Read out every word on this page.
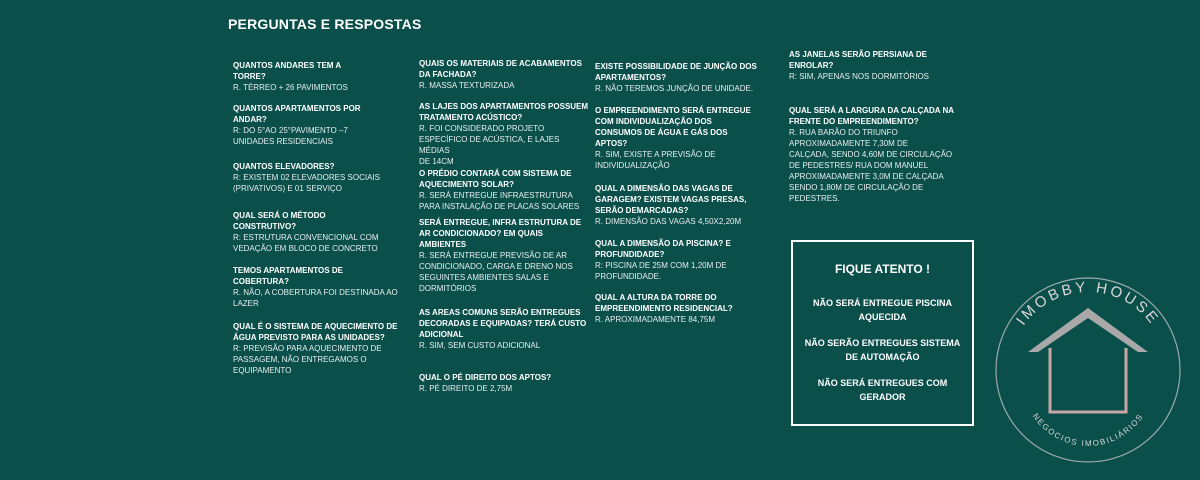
PERGUNTAS E RESPOSTAS
QUANTOS ANDARES TEM A
TORRE?
R. TÉRREO + 26 PAVIMENTOS
QUANTOS APARTAMENTOS POR
ANDAR?
R: DO 5°AO 25°PAVIMENTO –7
UNIDADES RESIDENCIAIS
QUANTOS ELEVADORES?
R: EXISTEM 02 ELEVADORES SOCIAIS
(PRIVATIVOS) E 01 SERVIÇO
QUAL SERÁ O MÉTODO
CONSTRUTIVO?
R: ESTRUTURA CONVENCIONAL COM
VEDAÇÃO EM BLOCO DE CONCRETO
TEMOS APARTAMENTOS DE
COBERTURA?
R. NÃO, A COBERTURA FOI DESTINADA AO
LAZER
QUAL É O SISTEMA DE AQUECIMENTO DE
ÁGUA PREVISTO PARA AS UNIDADES?
R: PREVISÃO PARA AQUECIMENTO DE
PASSAGEM, NÃO ENTREGAMOS O
EQUIPAMENTO
QUAIS OS MATERIAIS DE ACABAMENTOS
DA FACHADA?
R. MASSA TEXTURIZADA
AS LAJES DOS APARTAMENTOS POSSUEM
TRATAMENTO ACÚSTICO?
R. FOI CONSIDERADO PROJETO
ESPECÍFICO DE ACÚSTICA, E LAJES MÉDIAS
DE 14CM
O PRÉDIO CONTARÁ COM SISTEMA DE
AQUECIMENTO SOLAR?
R. SERÁ ENTREGUE INFRAESTRUTURA
PARA INSTALAÇÃO DE PLACAS SOLARES
SERÁ ENTREGUE, INFRA ESTRUTURA DE
AR CONDICIONADO? EM QUAIS
AMBIENTES
R. SERÁ ENTREGUE PREVISÃO DE AR
CONDICIONADO, CARGA E DRENO NOS
SEGUINTES AMBIENTES SALAS E
DORMITÓRIOS
AS AREAS COMUNS SERÃO ENTREGUES
DECORADAS E EQUIPADAS? TERÁ CUSTO
ADICIONAL
R. SIM, SEM CUSTO ADICIONAL
QUAL O PÉ DIREITO DOS APTOS?
R. PÉ DIREITO DE 2,75M
EXISTE POSSIBILIDADE DE JUNÇÃO DOS
APARTAMENTOS?
R. NÃO TEREMOS JUNÇÃO DE UNIDADE.
O EMPREENDIMENTO SERÁ ENTREGUE
COM INDIVIDUALIZAÇÃO DOS
CONSUMOS DE ÁGUA E GÁS DOS
APTOS?
R. SIM, EXISTE A PREVISÃO DE
INDIVIDUALIZAÇÃO
QUAL A DIMENSÃO DAS VAGAS DE
GARAGEM? EXISTEM VAGAS PRESAS,
SERÃO DEMARCADAS?
R. DIMENSÃO DAS VAGAS 4,50X2,20M
QUAL A DIMENSÃO DA PISCINA? E
PROFUNDIDADE?
R: PISCINA DE 25M COM 1,20M DE
PROFUNDIDADE.
QUAL A ALTURA DA TORRE DO
EMPREENDIMENTO RESIDENCIAL?
R. APROXIMADAMENTE 84,75M
AS JANELAS SERÃO PERSIANA DE
ENROLAR?
R: SIM, APENAS NOS DORMITÓRIOS
QUAL SERÁ A LARGURA DA CALÇADA NA
FRENTE DO EMPREENDIMENTO?
R. RUA BARÃO DO TRIUNFO
APROXIMADAMENTE 7,30M DE
CALÇADA, SENDO 4,60M DE CIRCULAÇÃO
DE PEDESTRES/ RUA DOM MANUEL
APROXIMADAMENTE 3,0M DE CALÇADA
SENDO 1,80M DE CIRCULAÇÃO DE
PEDESTRES.
FIQUE ATENTO !
NÃO SERÁ ENTREGUE PISCINA
AQUECIDA
NÃO SERÃO ENTREGUES SISTEMA
DE AUTOMAÇÃO
NÃO SERÁ ENTREGUES COM
GERADOR
IMOBBY HOUSE
NEGOCIOS IMOBILIÁRIOS
